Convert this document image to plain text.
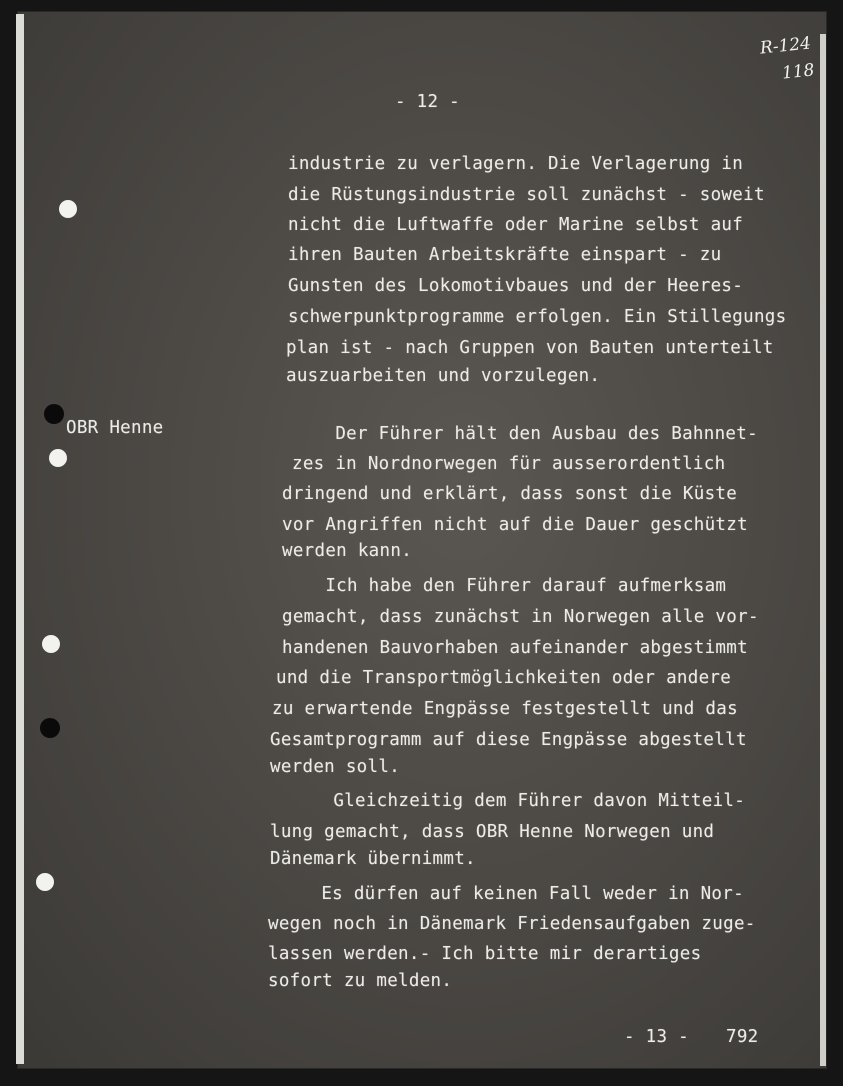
R-124
118
- 12 -
OBR Henne
industrie zu verlagern. Die Verlagerung in
die Rüstungsindustrie soll zunächst - soweit
nicht die Luftwaffe oder Marine selbst auf
ihren Bauten Arbeitskräfte einspart - zu
Gunsten des Lokomotivbaues und der Heeres-
schwerpunktprogramme erfolgen. Ein Stillegungs
plan ist - nach Gruppen von Bauten unterteilt
auszuarbeiten und vorzulegen.
Der Führer hält den Ausbau des Bahnnet-
zes in Nordnorwegen für ausserordentlich
dringend und erklärt, dass sonst die Küste
vor Angriffen nicht auf die Dauer geschützt
werden kann.
Ich habe den Führer darauf aufmerksam
gemacht, dass zunächst in Norwegen alle vor-
handenen Bauvorhaben aufeinander abgestimmt
und die Transportmöglichkeiten oder andere
zu erwartende Engpässe festgestellt und das
Gesamtprogramm auf diese Engpässe abgestellt
werden soll.
Gleichzeitig dem Führer davon Mitteil-
lung gemacht, dass OBR Henne Norwegen und
Dänemark übernimmt.
Es dürfen auf keinen Fall weder in Nor-
wegen noch in Dänemark Friedensaufgaben zuge-
lassen werden.- Ich bitte mir derartiges
sofort zu melden.
- 13 - 792
